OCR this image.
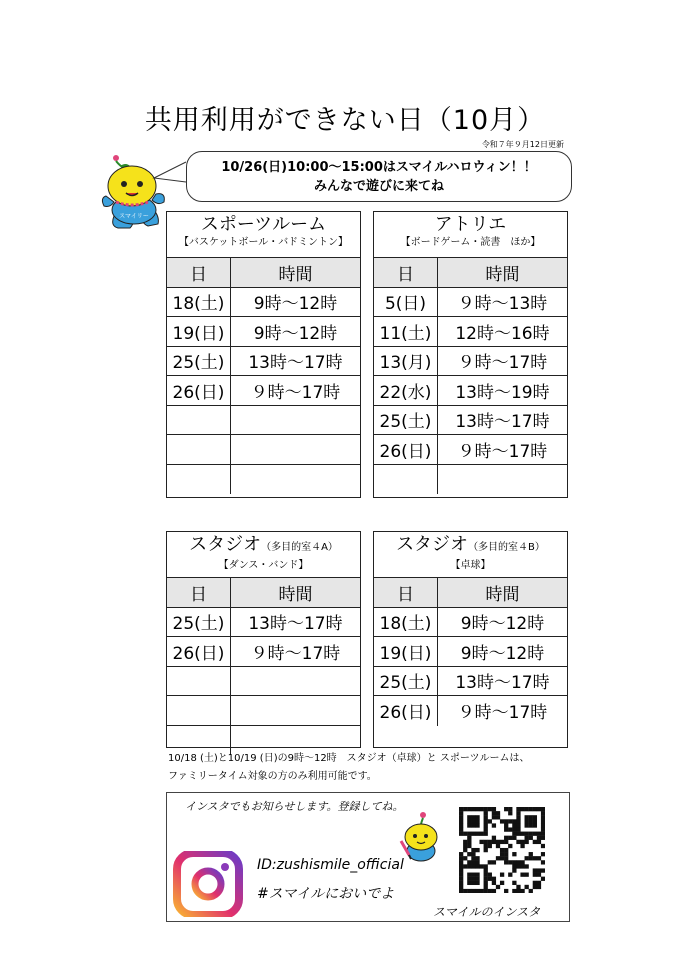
共用利用ができない日（10月）
令和７年９月12日更新
スマイリー
10/26(日)10:00～15:00はスマイルハロウィン！！
みんなで遊びに来てね
スポーツルーム
【バスケットボール・バドミントン】
日	時間
18(土)	9時～12時
19(日)	9時～12時
25(土)	13時～17時
26(日)	９時～17時
アトリエ
【ボードゲーム・読書　ほか】
日	時間
5(日)	９時～13時
11(土)	12時～16時
13(月)	９時～17時
22(水)	13時～19時
25(土)	13時～17時
26(日)	９時～17時
スタジオ（多目的室４A）
【ダンス・バンド】
日	時間
25(土)	13時～17時
26(日)	９時～17時
スタジオ（多目的室４B）
【卓球】
日	時間
18(土)	9時～12時
19(日)	9時～12時
25(土)	13時～17時
26(日)	９時～17時
10/18 (土)と10/19 (日)の9時～12時　スタジオ（卓球）と スポーツルームは、
ファミリータイム対象の方のみ利用可能です。
インスタでもお知らせします。登録してね。
ID:zushismile_official
#スマイルにおいでよ
スマイルのインスタ
